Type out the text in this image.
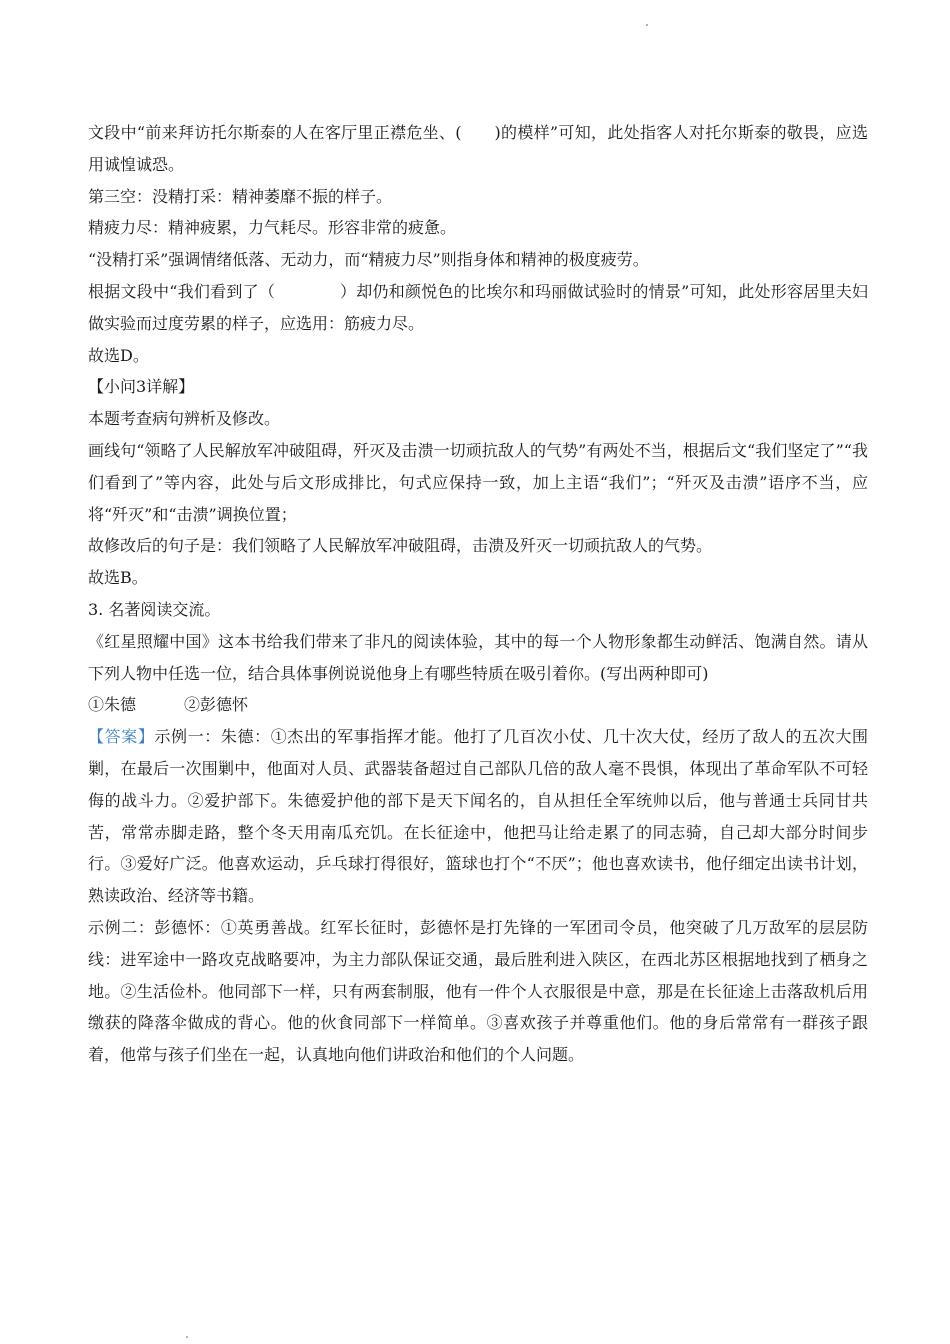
文段中“前来拜访托尔斯泰的人在客厅里正襟危坐、(　　)的模样”可知，此处指客人对托尔斯泰的敬畏，应选用诚惶诚恐。

第三空：没精打采：精神萎靡不振的样子。

精疲力尽：精神疲累，力气耗尽。形容非常的疲惫。

“没精打采”强调情绪低落、无动力，而“精疲力尽”则指身体和精神的极度疲劳。

根据文段中“我们看到了（　　　　）却仍和颜悦色的比埃尔和玛丽做试验时的情景”可知，此处形容居里夫妇做实验而过度劳累的样子，应选用：筋疲力尽。

故选D。

【小问3详解】

本题考查病句辨析及修改。

画线句“领略了人民解放军冲破阻碍，歼灭及击溃一切顽抗敌人的气势”有两处不当，根据后文“我们坚定了”“我们看到了”等内容，此处与后文形成排比，句式应保持一致，加上主语“我们”；“歼灭及击溃”语序不当，应将“歼灭”和“击溃”调换位置；

故修改后的句子是：我们领略了人民解放军冲破阻碍，击溃及歼灭一切顽抗敌人的气势。

故选B。

3. 名著阅读交流。

《红星照耀中国》这本书给我们带来了非凡的阅读体验，其中的每一个人物形象都生动鲜活、饱满自然。请从下列人物中任选一位，结合具体事例说说他身上有哪些特质在吸引着你。(写出两种即可)

①朱德　　　②彭德怀

【答案】示例一：朱德：①杰出的军事指挥才能。他打了几百次小仗、几十次大仗，经历了敌人的五次大围剿，在最后一次围剿中，他面对人员、武器装备超过自己部队几倍的敌人毫不畏惧，体现出了革命军队不可轻侮的战斗力。②爱护部下。朱德爱护他的部下是天下闻名的，自从担任全军统帅以后，他与普通士兵同甘共苦，常常赤脚走路，整个冬天用南瓜充饥。在长征途中，他把马让给走累了的同志骑，自己却大部分时间步行。③爱好广泛。他喜欢运动，乒乓球打得很好，篮球也打个“不厌”；他也喜欢读书，他仔细定出读书计划，熟读政治、经济等书籍。

示例二：彭德怀：①英勇善战。红军长征时，彭德怀是打先锋的一军团司令员，他突破了几万敌军的层层防线：进军途中一路攻克战略要冲，为主力部队保证交通，最后胜利进入陕区，在西北苏区根据地找到了栖身之地。②生活俭朴。他同部下一样，只有两套制服，他有一件个人衣服很是中意，那是在长征途上击落敌机后用缴获的降落伞做成的背心。他的伙食同部下一样简单。③喜欢孩子并尊重他们。他的身后常常有一群孩子跟着，他常与孩子们坐在一起，认真地向他们讲政治和他们的个人问题。
